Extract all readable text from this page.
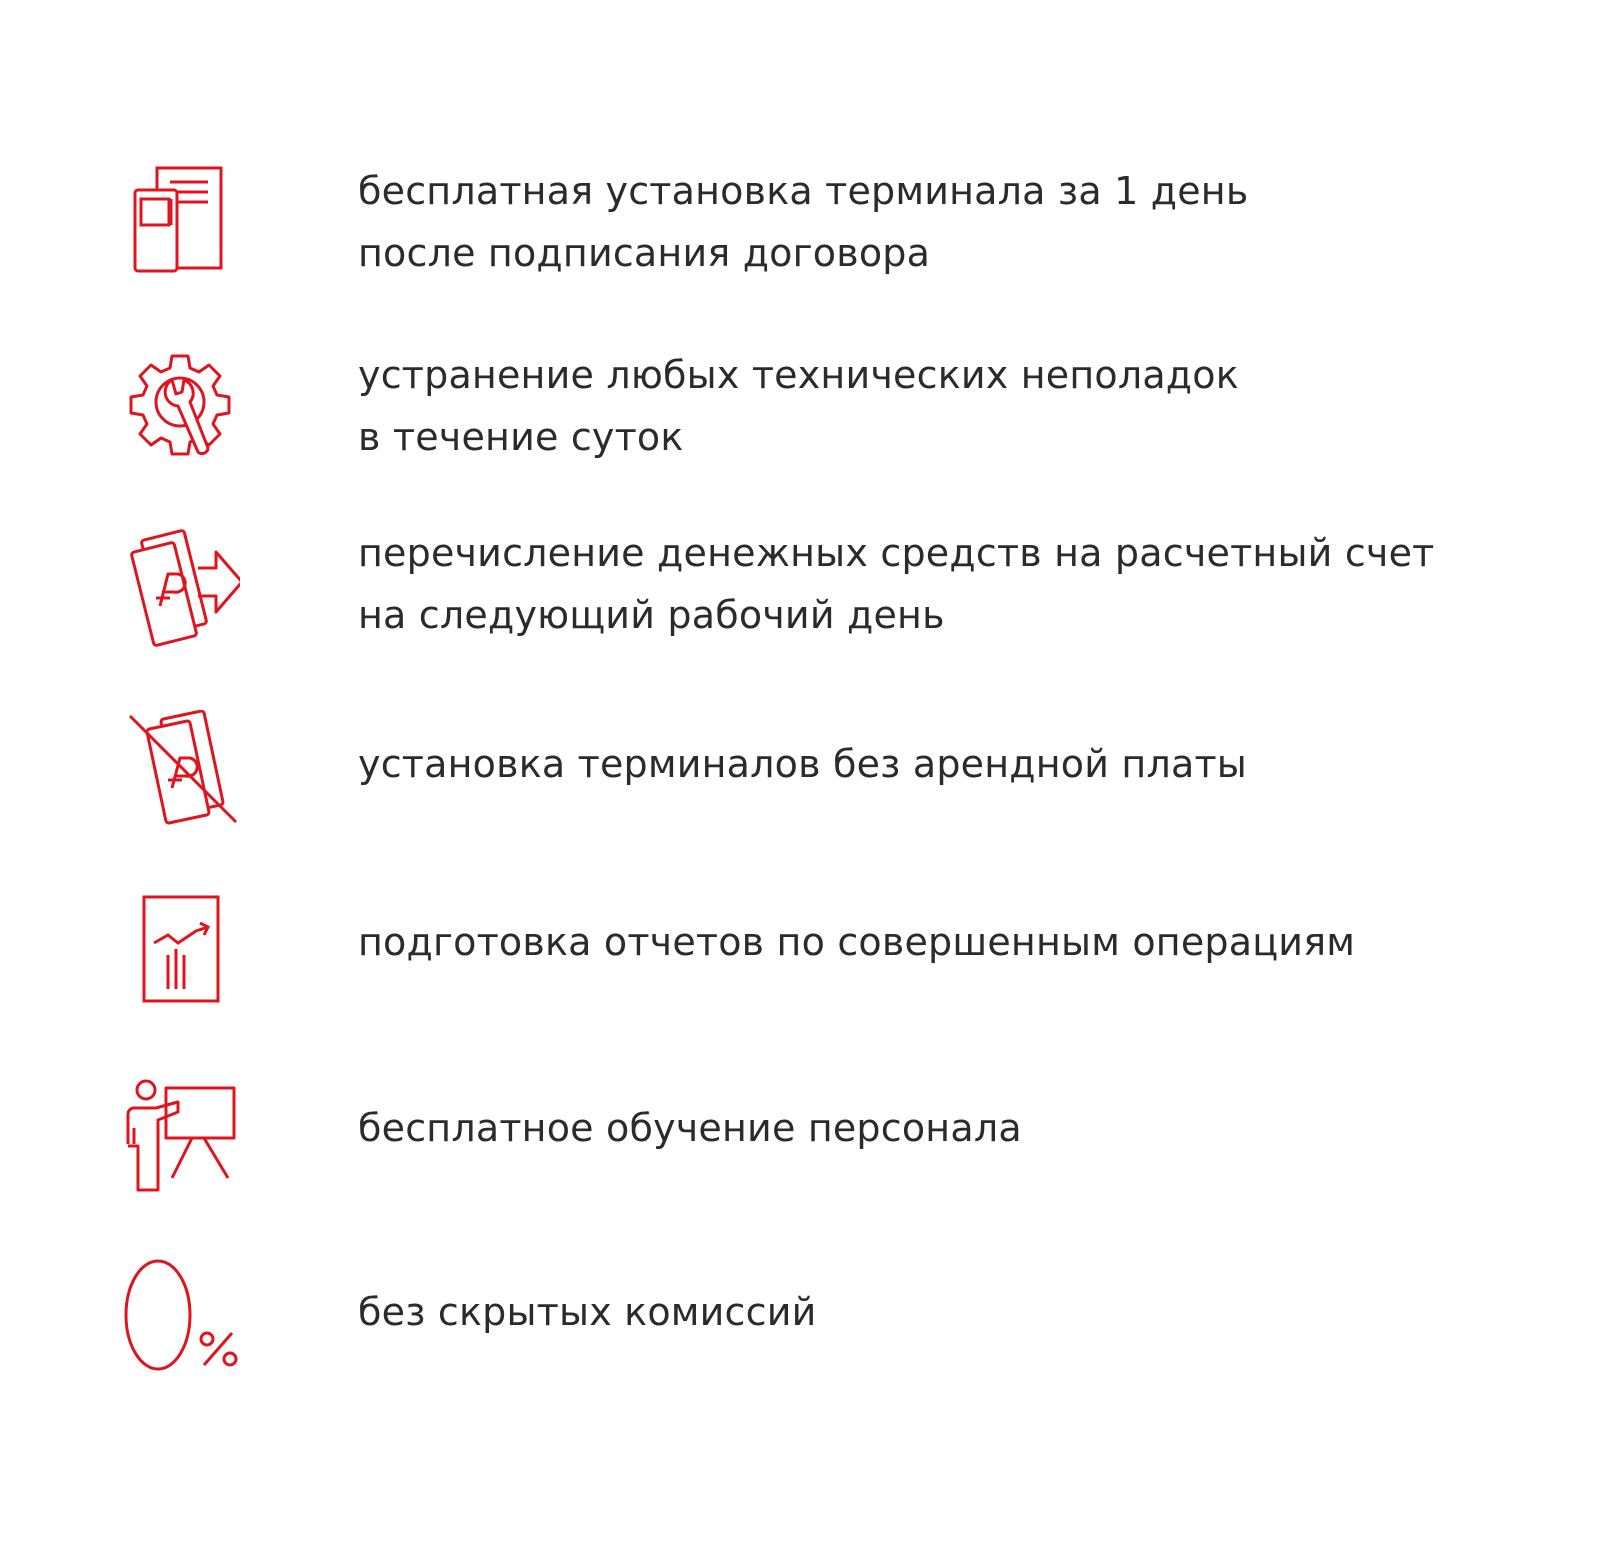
бесплатная установка терминала за 1 день
после подписания договора
устранение любых технических неполадок
в течение суток
перечисление денежных средств на расчетный счет
на следующий рабочий день
установка терминалов без арендной платы
подготовка отчетов по совершенным операциям
бесплатное обучение персонала
без скрытых комиссий
